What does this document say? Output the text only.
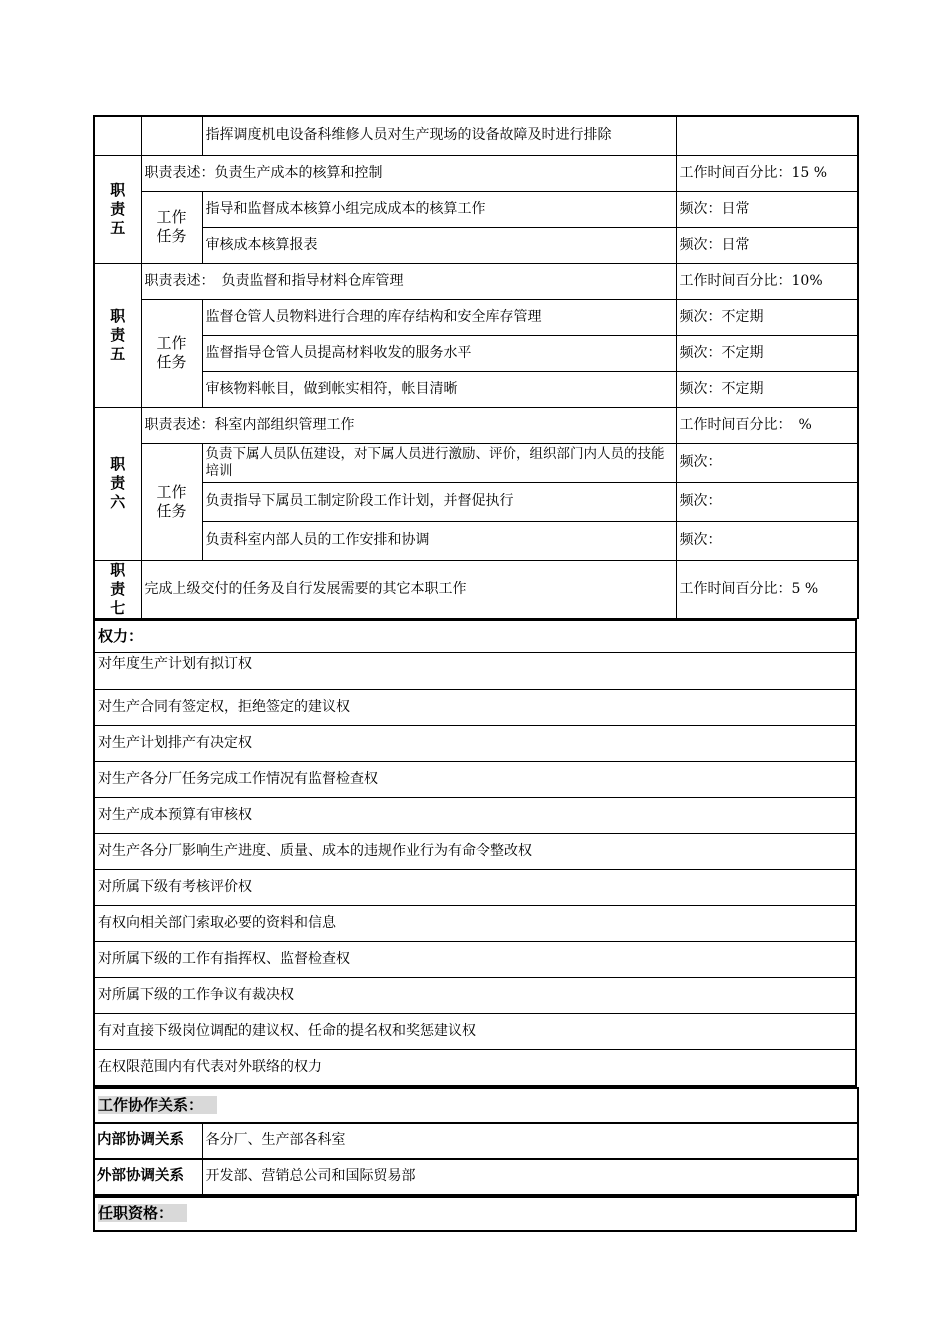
		指挥调度机电设备科维修人员对生产现场的设备故障及时进行排除	

职
责
五	职责表述：负责生产成本的核算和控制		工作时间百分比：15 %

	工作
任务	指导和监督成本核算小组完成成本的核算工作	频次：日常
		审核成本核算报表	频次：日常

职
责
五	职责表述：　负责监督和指导材料仓库管理		工作时间百分比：10%

	工作
任务	监督仓管人员物料进行合理的库存结构和安全库存管理	频次：不定期
		监督指导仓管人员提高材料收发的服务水平	频次：不定期
		审核物料帐目，做到帐实相符，帐目清晰	频次：不定期

职
责
六	职责表述：科室内部组织管理工作		工作时间百分比：　%

	工作
任务	负责下属人员队伍建设，对下属人员进行激励、评价，组织部门内人员的技能培训	频次：
		负责指导下属员工制定阶段工作计划，并督促执行	频次：
		负责科室内部人员的工作安排和协调	频次：

职
责
七	完成上级交付的任务及自行发展需要的其它本职工作		工作时间百分比：5 %
权力：
对年度生产计划有拟订权
对生产合同有签定权，拒绝签定的建议权
对生产计划排产有决定权
对生产各分厂任务完成工作情况有监督检查权
对生产成本预算有审核权
对生产各分厂影响生产进度、质量、成本的违规作业行为有命令整改权
对所属下级有考核评价权
有权向相关部门索取必要的资料和信息
对所属下级的工作有指挥权、监督检查权
对所属下级的工作争议有裁决权
有对直接下级岗位调配的建议权、任命的提名权和奖惩建议权
在权限范围内有代表对外联络的权力
工作协作关系：	
内部协调关系	各分厂、生产部各科室
外部协调关系	开发部、营销总公司和国际贸易部
任职资格：
